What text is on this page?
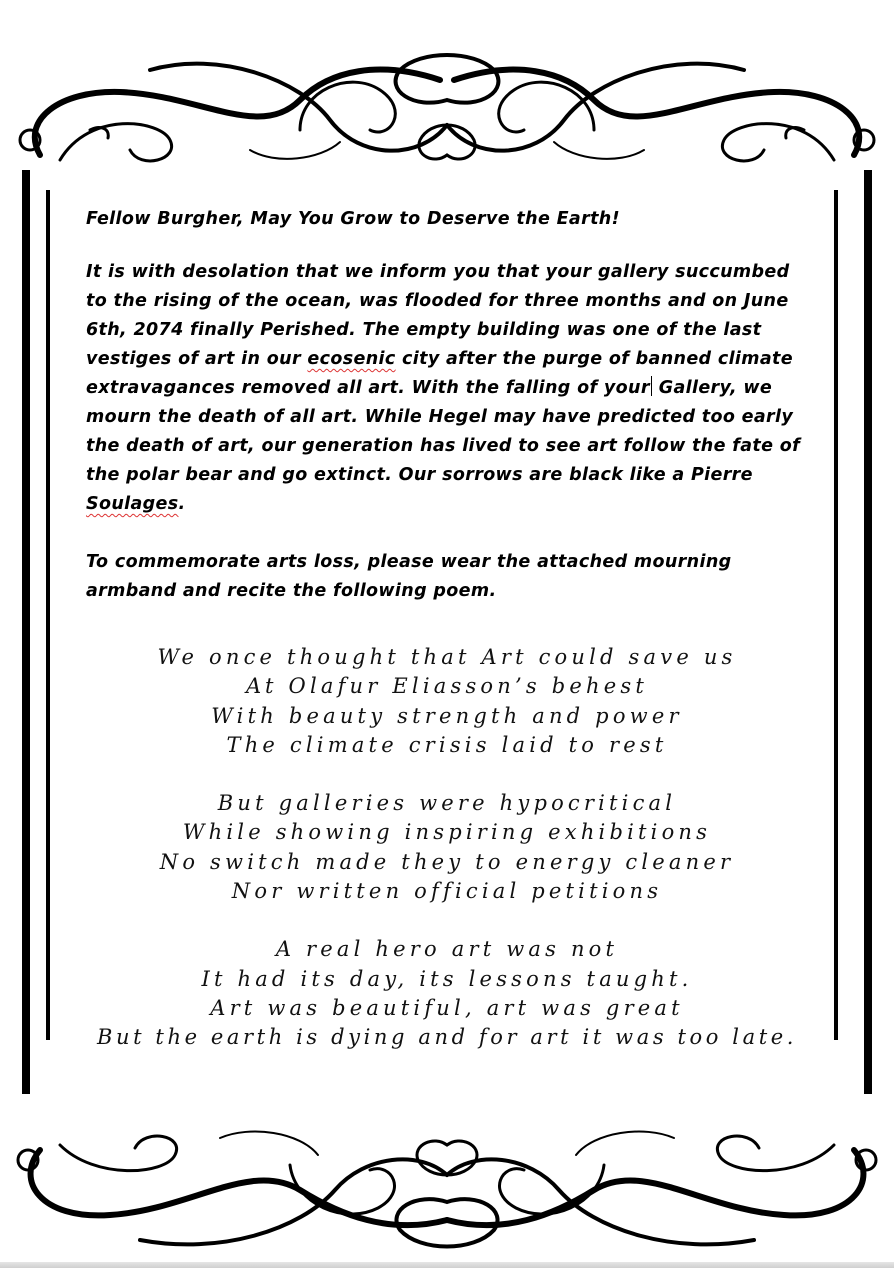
Fellow Burgher, May You Grow to Deserve the Earth!

It is with desolation that we inform you that your gallery succumbed to the rising of the ocean, was flooded for three months and on June 6th, 2074 finally Perished. The empty building was one of the last vestiges of art in our ecosenic city after the purge of banned climate extravagances removed all art. With the falling of your Gallery, we mourn the death of all art. While Hegel may have predicted too early the death of art, our generation has lived to see art follow the fate of the polar bear and go extinct. Our sorrows are black like a Pierre Soulages.

To commemorate arts loss, please wear the attached mourning armband and recite the following poem.

We once thought that Art could save us
At Olafur Eliasson’s behest
With beauty strength and power
The climate crisis laid to rest
But galleries were hypocritical
While showing inspiring exhibitions
No switch made they to energy cleaner
Nor written official petitions
A real hero art was not
It had its day, its lessons taught.
Art was beautiful, art was great
But the earth is dying and for art it was too late.
